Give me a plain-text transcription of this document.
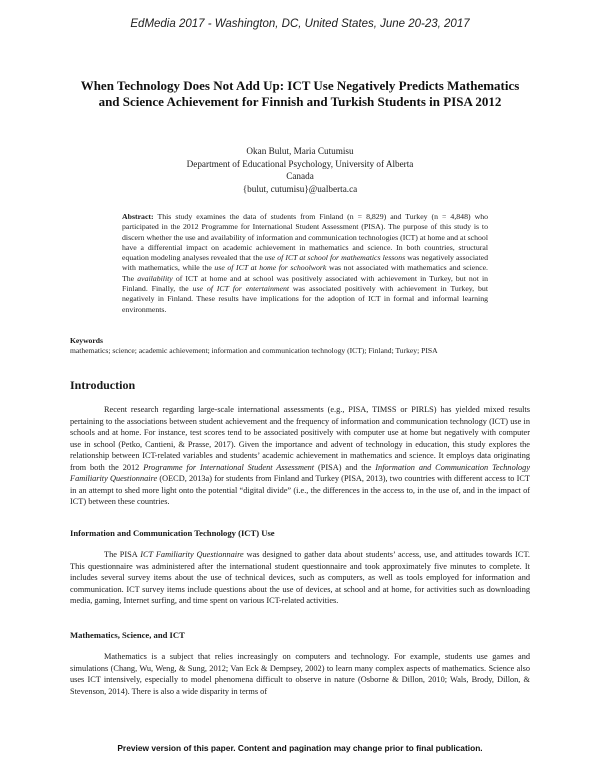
EdMedia 2017 - Washington, DC, United States, June 20-23, 2017
When Technology Does Not Add Up: ICT Use Negatively Predicts Mathematics and Science Achievement for Finnish and Turkish Students in PISA 2012
Okan Bulut, Maria Cutumisu
Department of Educational Psychology, University of Alberta
Canada
{bulut, cutumisu}@ualberta.ca
Abstract: This study examines the data of students from Finland (n = 8,829) and Turkey (n = 4,848) who participated in the 2012 Programme for International Student Assessment (PISA). The purpose of this study is to discern whether the use and availability of information and communication technologies (ICT) at home and at school have a differential impact on academic achievement in mathematics and science. In both countries, structural equation modeling analyses revealed that the use of ICT at school for mathematics lessons was negatively associated with mathematics, while the use of ICT at home for schoolwork was not associated with mathematics and science. The availability of ICT at home and at school was positively associated with achievement in Turkey, but not in Finland. Finally, the use of ICT for entertainment was associated positively with achievement in Turkey, but negatively in Finland. These results have implications for the adoption of ICT in formal and informal learning environments.
Keywords
mathematics; science; academic achievement; information and communication technology (ICT); Finland; Turkey; PISA
Introduction
Recent research regarding large-scale international assessments (e.g., PISA, TIMSS or PIRLS) has yielded mixed results pertaining to the associations between student achievement and the frequency of information and communication technology (ICT) use in schools and at home. For instance, test scores tend to be associated positively with computer use at home but negatively with computer use in school (Petko, Cantieni, & Prasse, 2017). Given the importance and advent of technology in education, this study explores the relationship between ICT-related variables and students’ academic achievement in mathematics and science. It employs data originating from both the 2012 Programme for International Student Assessment (PISA) and the Information and Communication Technology Familiarity Questionnaire (OECD, 2013a) for students from Finland and Turkey (PISA, 2013), two countries with different access to ICT in an attempt to shed more light onto the potential “digital divide” (i.e., the differences in the access to, in the use of, and in the impact of ICT) between these countries.
Information and Communication Technology (ICT) Use
The PISA ICT Familiarity Questionnaire was designed to gather data about students’ access, use, and attitudes towards ICT. This questionnaire was administered after the international student questionnaire and took approximately five minutes to complete. It includes several survey items about the use of technical devices, such as computers, as well as tools employed for information and communication. ICT survey items include questions about the use of devices, at school and at home, for activities such as downloading media, gaming, Internet surfing, and time spent on various ICT-related activities.
Mathematics, Science, and ICT
Mathematics is a subject that relies increasingly on computers and technology. For example, students use games and simulations (Chang, Wu, Weng, & Sung, 2012; Van Eck & Dempsey, 2002) to learn many complex aspects of mathematics. Science also uses ICT intensively, especially to model phenomena difficult to observe in nature (Osborne & Dillon, 2010; Wals, Brody, Dillon, & Stevenson, 2014). There is also a wide disparity in terms of
Preview version of this paper. Content and pagination may change prior to final publication.
